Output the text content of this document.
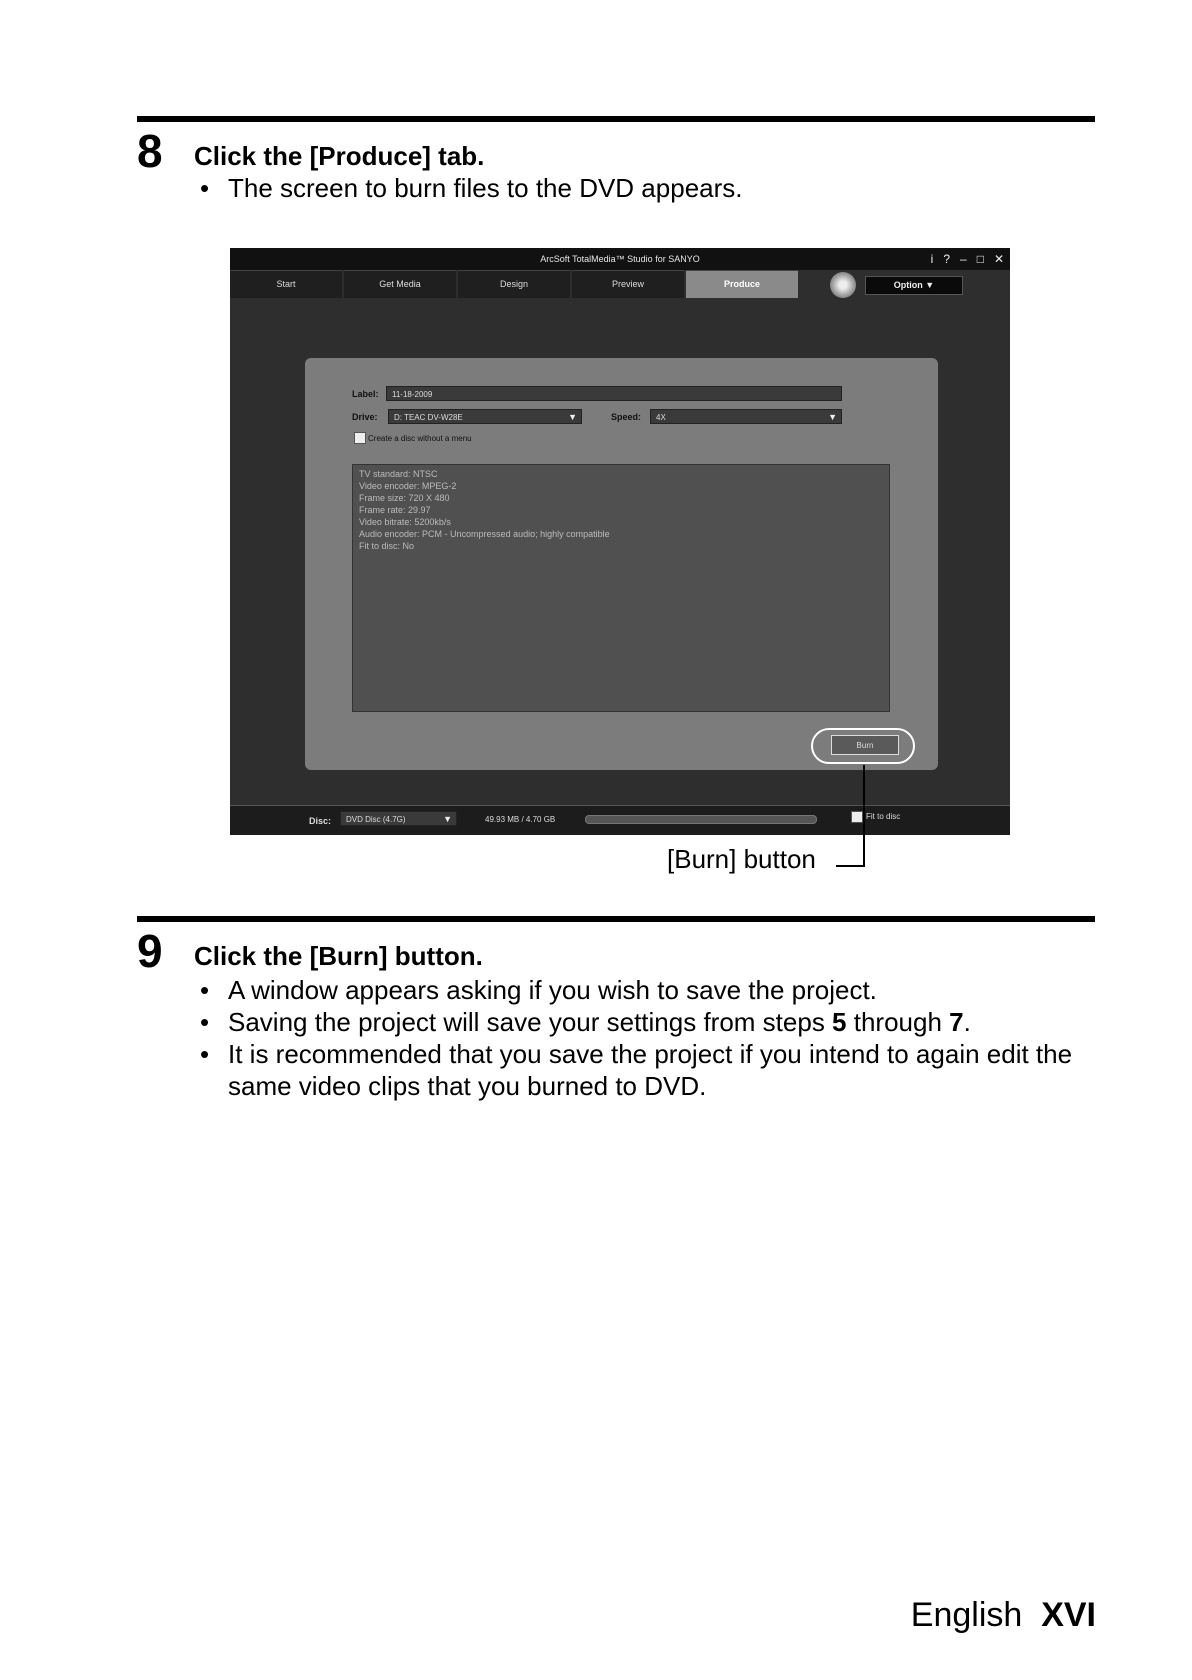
8 Click the [Produce] tab.
• The screen to burn files to the DVD appears.
ArcSoft TotalMedia™ Studio for SANYO	i ? – □ ✕
Start	Get Media	Design	Preview	Produce	Option ▼
Label:	11-18-2009
Drive:	D: TEAC DV-W28E	▼	Speed:	4X	▼
Create a disc without a menu
TV standard: NTSC
Video encoder: MPEG-2
Frame size: 720 X 480
Frame rate: 29.97
Video bitrate: 5200kb/s
Audio encoder: PCM - Uncompressed audio; highly compatible
Fit to disc: No
Burn
Disc:	DVD Disc (4.7G)	▼	49.93 MB / 4.70 GB	Fit to disc
[Burn] button
9 Click the [Burn] button.
• A window appears asking if you wish to save the project.
• Saving the project will save your settings from steps 5 through 7.
• It is recommended that you save the project if you intend to again edit the same video clips that you burned to DVD.
English XVI
